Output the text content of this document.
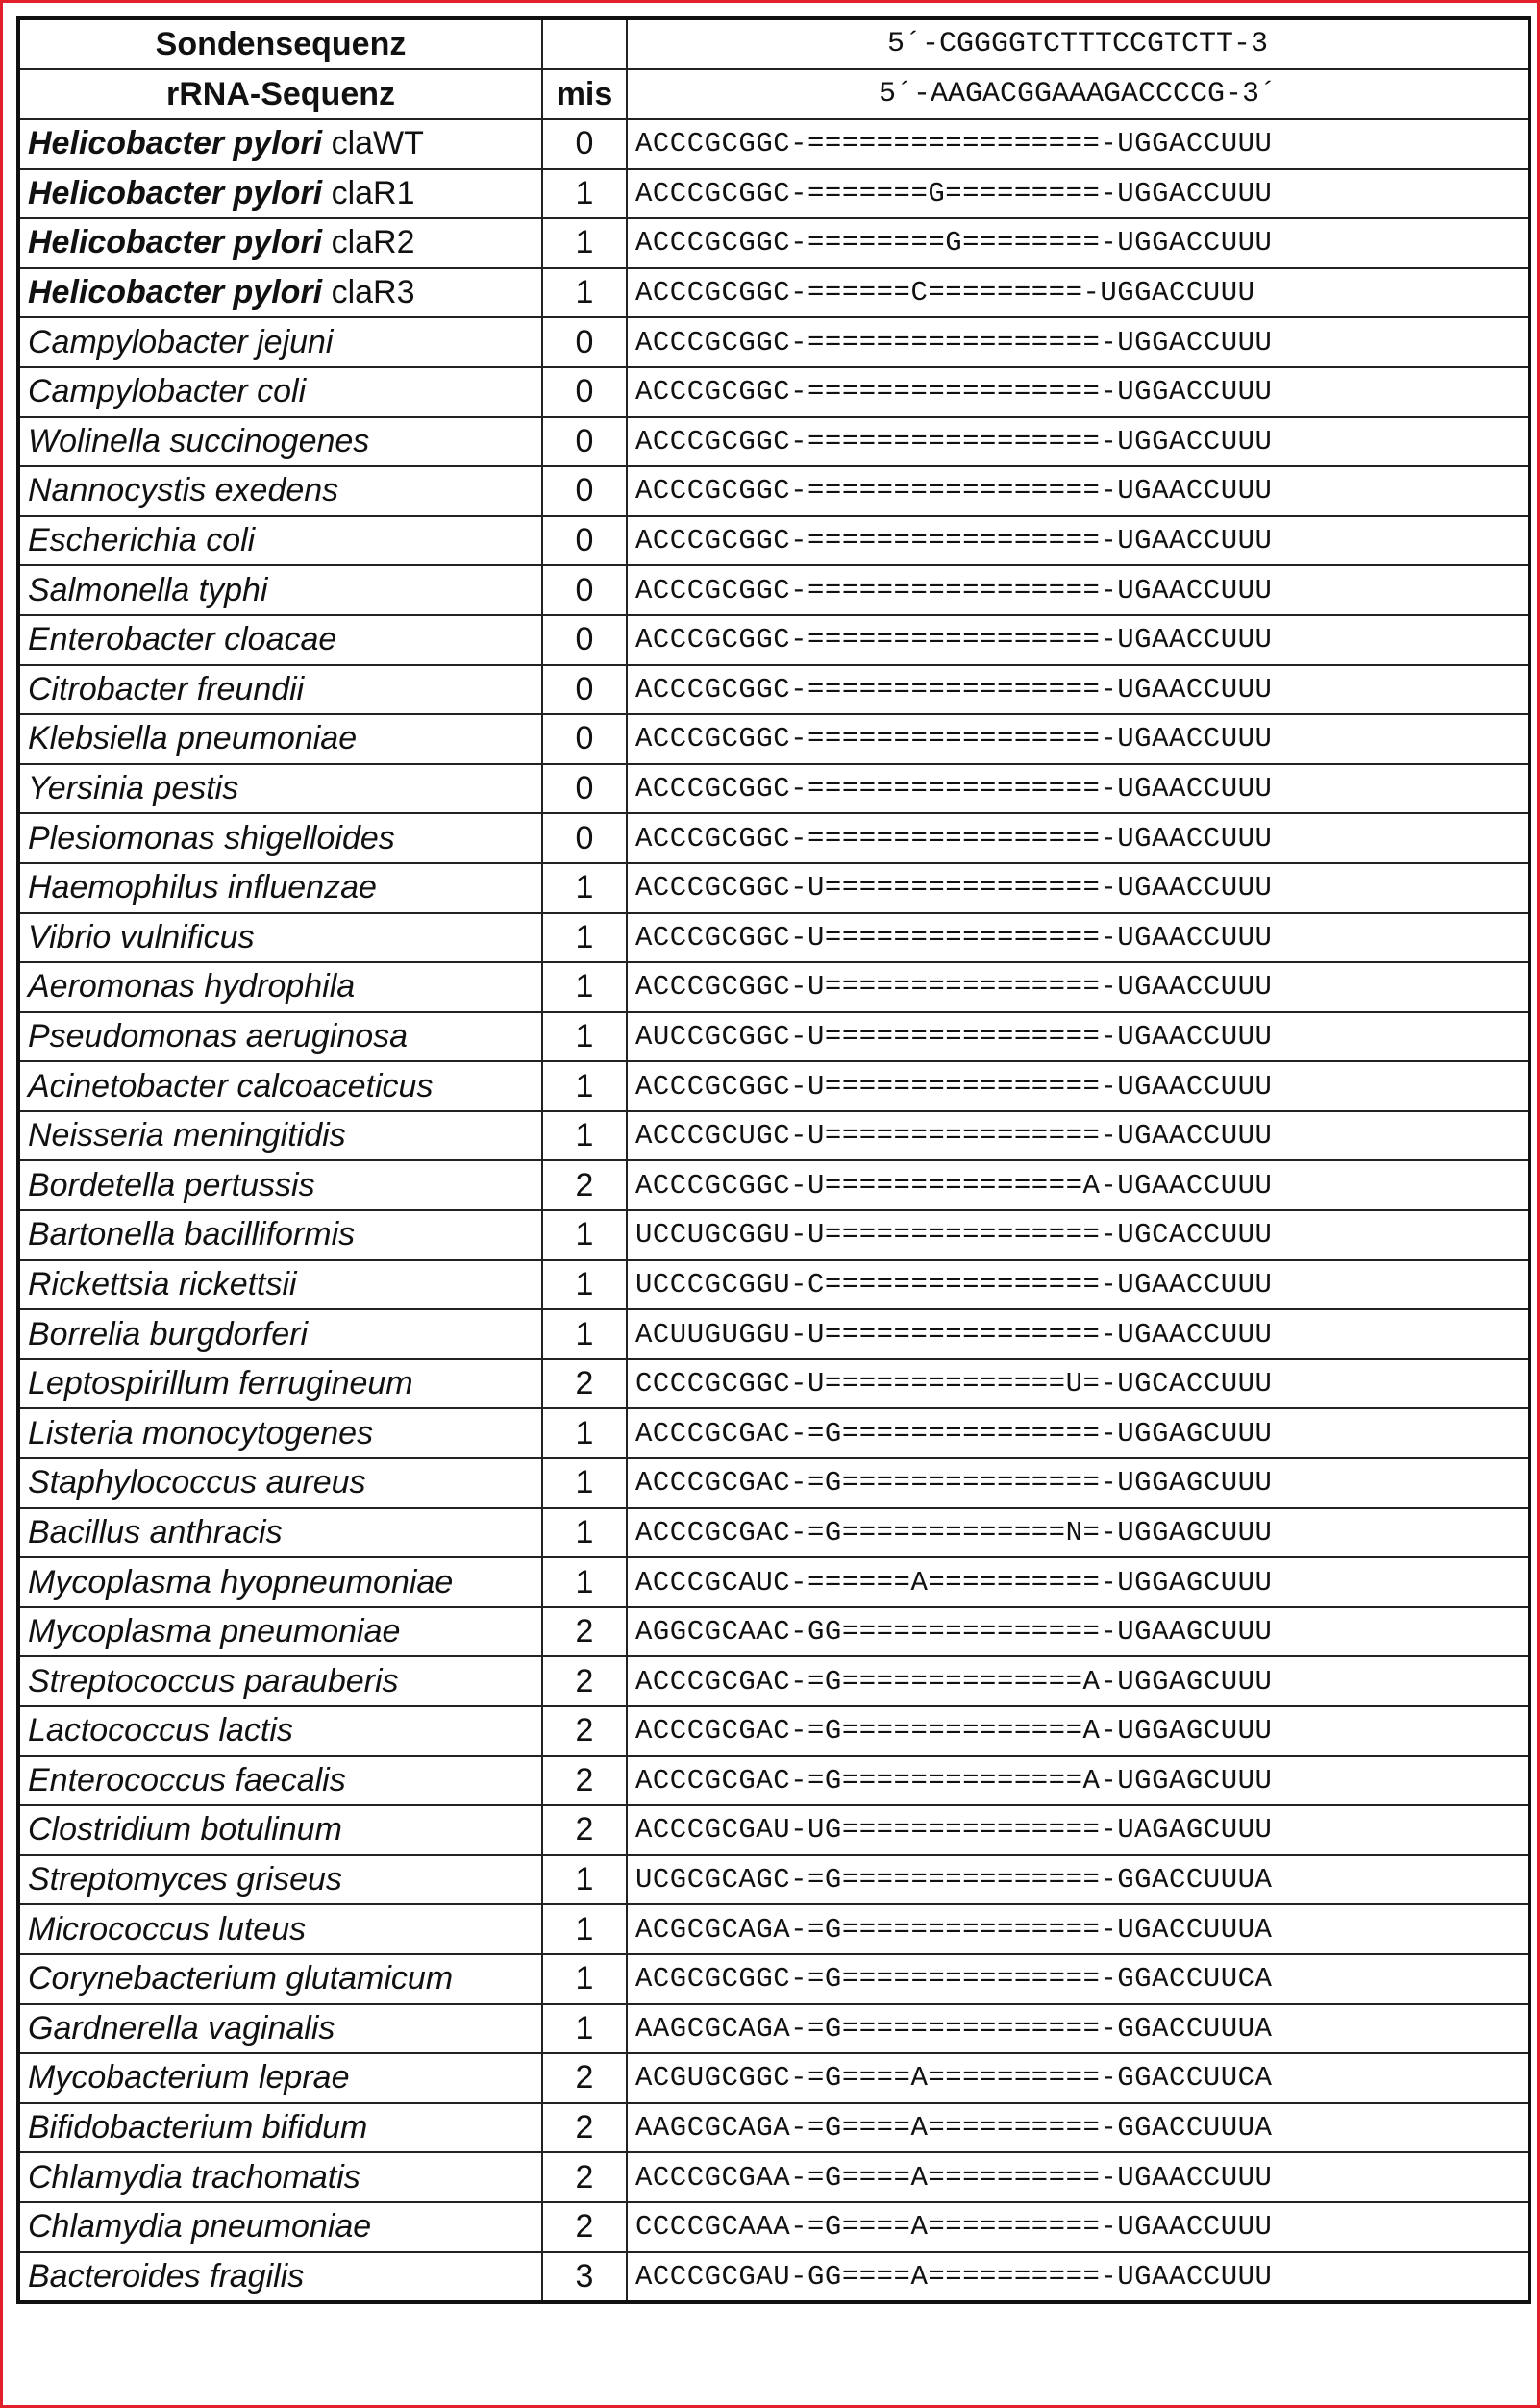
Sondensequenz		5´-CGGGGTCTTTCCGTCTT-3
rRNA-Sequenz	mis	5´-AAGACGGAAAGACCCCG-3´
Helicobacter pylori claWT	0	ACCCGCGGC-=================-UGGACCUUU
Helicobacter pylori claR1	1	ACCCGCGGC-=======G=========-UGGACCUUU
Helicobacter pylori claR2	1	ACCCGCGGC-========G========-UGGACCUUU
Helicobacter pylori claR3	1	ACCCGCGGC-======C=========-UGGACCUUU
Campylobacter jejuni	0	ACCCGCGGC-=================-UGGACCUUU
Campylobacter coli	0	ACCCGCGGC-=================-UGGACCUUU
Wolinella succinogenes	0	ACCCGCGGC-=================-UGGACCUUU
Nannocystis exedens	0	ACCCGCGGC-=================-UGAACCUUU
Escherichia coli	0	ACCCGCGGC-=================-UGAACCUUU
Salmonella typhi	0	ACCCGCGGC-=================-UGAACCUUU
Enterobacter cloacae	0	ACCCGCGGC-=================-UGAACCUUU
Citrobacter freundii	0	ACCCGCGGC-=================-UGAACCUUU
Klebsiella pneumoniae	0	ACCCGCGGC-=================-UGAACCUUU
Yersinia pestis	0	ACCCGCGGC-=================-UGAACCUUU
Plesiomonas shigelloides	0	ACCCGCGGC-=================-UGAACCUUU
Haemophilus influenzae	1	ACCCGCGGC-U================-UGAACCUUU
Vibrio vulnificus	1	ACCCGCGGC-U================-UGAACCUUU
Aeromonas hydrophila	1	ACCCGCGGC-U================-UGAACCUUU
Pseudomonas aeruginosa	1	AUCCGCGGC-U================-UGAACCUUU
Acinetobacter calcoaceticus	1	ACCCGCGGC-U================-UGAACCUUU
Neisseria meningitidis	1	ACCCGCUGC-U================-UGAACCUUU
Bordetella pertussis	2	ACCCGCGGC-U===============A-UGAACCUUU
Bartonella bacilliformis	1	UCCUGCGGU-U================-UGCACCUUU
Rickettsia rickettsii	1	UCCCGCGGU-C================-UGAACCUUU
Borrelia burgdorferi	1	ACUUGUGGU-U================-UGAACCUUU
Leptospirillum ferrugineum	2	CCCCGCGGC-U==============U=-UGCACCUUU
Listeria monocytogenes	1	ACCCGCGAC-=G===============-UGGAGCUUU
Staphylococcus aureus	1	ACCCGCGAC-=G===============-UGGAGCUUU
Bacillus anthracis	1	ACCCGCGAC-=G=============N=-UGGAGCUUU
Mycoplasma hyopneumoniae	1	ACCCGCAUC-======A==========-UGGAGCUUU
Mycoplasma pneumoniae	2	AGGCGCAAC-GG===============-UGAAGCUUU
Streptococcus parauberis	2	ACCCGCGAC-=G==============A-UGGAGCUUU
Lactococcus lactis	2	ACCCGCGAC-=G==============A-UGGAGCUUU
Enterococcus faecalis	2	ACCCGCGAC-=G==============A-UGGAGCUUU
Clostridium botulinum	2	ACCCGCGAU-UG===============-UAGAGCUUU
Streptomyces griseus	1	UCGCGCAGC-=G===============-GGACCUUUA
Micrococcus luteus	1	ACGCGCAGA-=G===============-UGACCUUUA
Corynebacterium glutamicum	1	ACGCGCGGC-=G===============-GGACCUUCA
Gardnerella vaginalis	1	AAGCGCAGA-=G===============-GGACCUUUA
Mycobacterium leprae	2	ACGUGCGGC-=G====A==========-GGACCUUCA
Bifidobacterium bifidum	2	AAGCGCAGA-=G====A==========-GGACCUUUA
Chlamydia trachomatis	2	ACCCGCGAA-=G====A==========-UGAACCUUU
Chlamydia pneumoniae	2	CCCCGCAAA-=G====A==========-UGAACCUUU
Bacteroides fragilis	3	ACCCGCGAU-GG====A==========-UGAACCUUU
